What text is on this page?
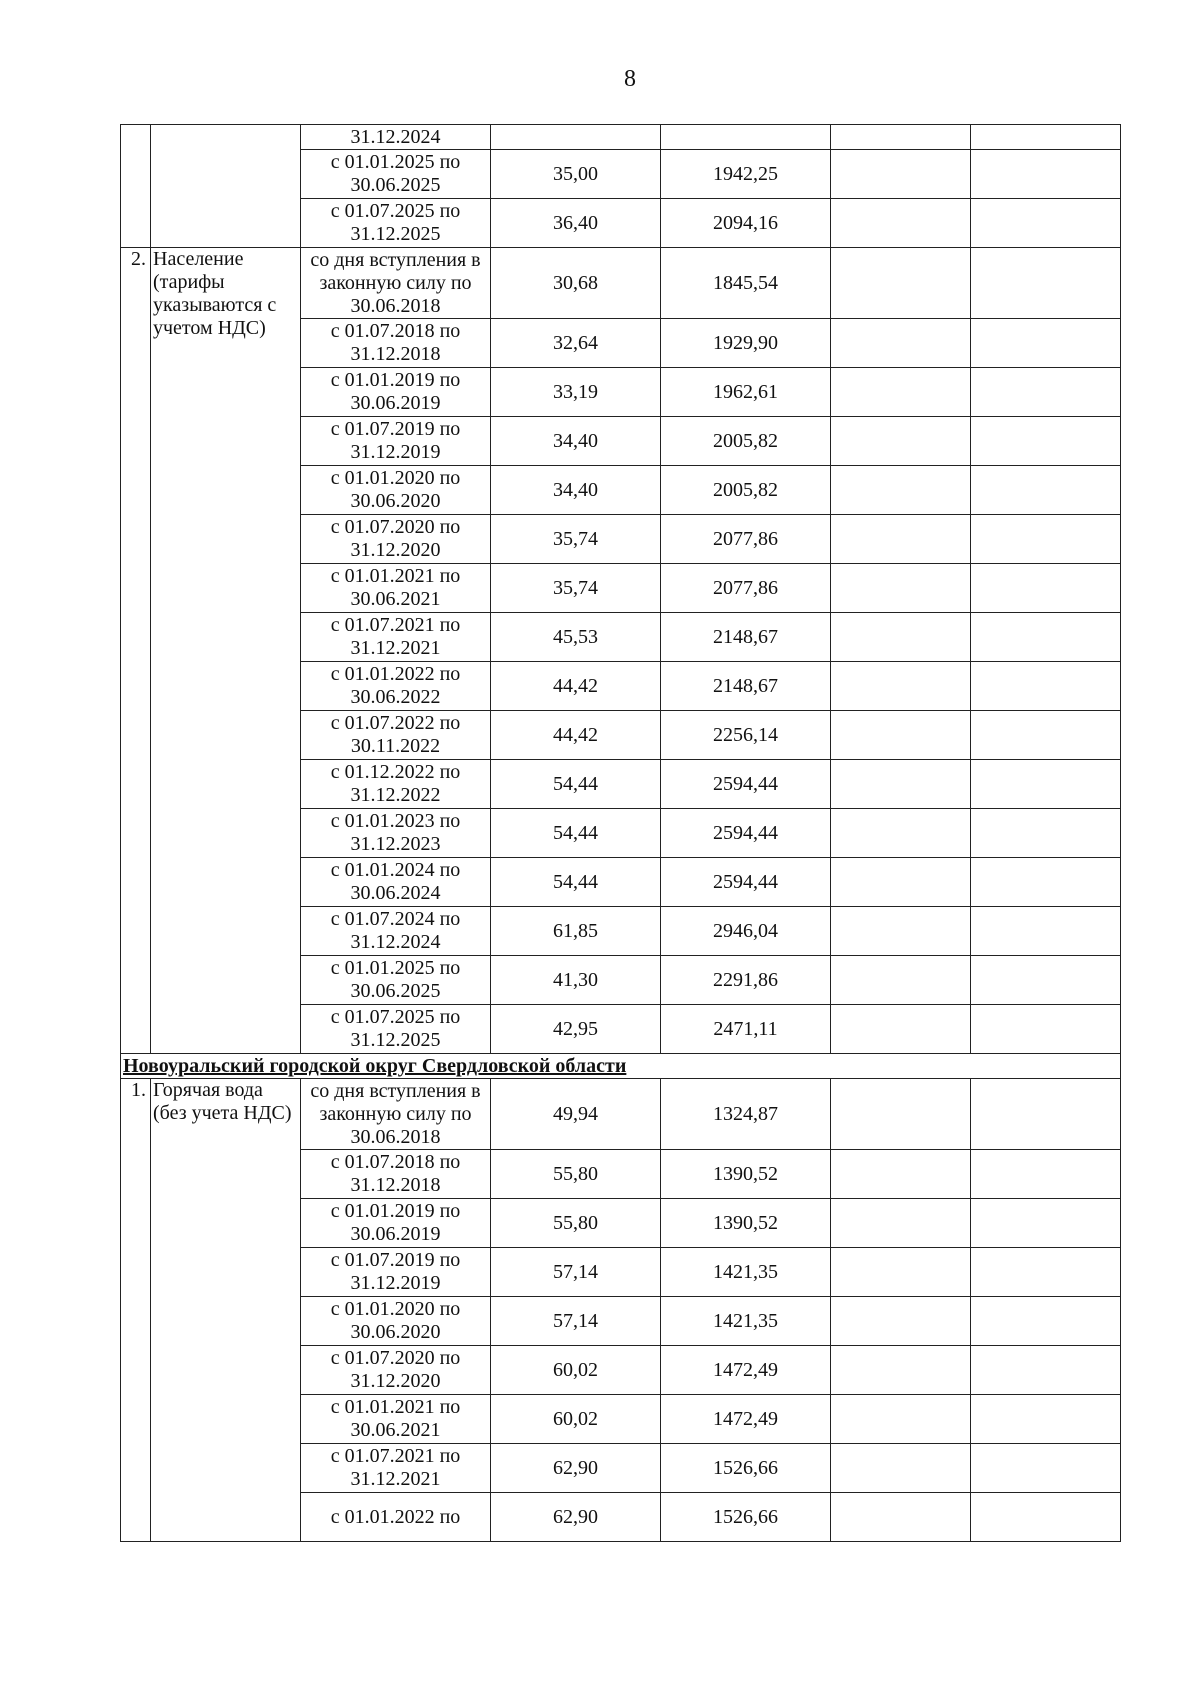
8
		31.12.2024				
		с 01.01.2025 по 30.06.2025	35,00	1942,25		
		с 01.07.2025 по 31.12.2025	36,40	2094,16		
2.	Население (тарифы указываются с учетом НДС)	со дня вступления в законную силу по 30.06.2018	30,68	1845,54		
		с 01.07.2018 по 31.12.2018	32,64	1929,90		
		с 01.01.2019 по 30.06.2019	33,19	1962,61		
		с 01.07.2019 по 31.12.2019	34,40	2005,82		
		с 01.01.2020 по 30.06.2020	34,40	2005,82		
		с 01.07.2020 по 31.12.2020	35,74	2077,86		
		с 01.01.2021 по 30.06.2021	35,74	2077,86		
		с 01.07.2021 по 31.12.2021	45,53	2148,67		
		с 01.01.2022 по 30.06.2022	44,42	2148,67		
		с 01.07.2022 по 30.11.2022	44,42	2256,14		
		с 01.12.2022 по 31.12.2022	54,44	2594,44		
		с 01.01.2023 по 31.12.2023	54,44	2594,44		
		с 01.01.2024 по 30.06.2024	54,44	2594,44		
		с 01.07.2024 по 31.12.2024	61,85	2946,04		
		с 01.01.2025 по 30.06.2025	41,30	2291,86		
		с 01.07.2025 по 31.12.2025	42,95	2471,11		
Новоуральский городской округ Свердловской области						
1.	Горячая вода (без учета НДС)	со дня вступления в законную силу по 30.06.2018	49,94	1324,87		
		с 01.07.2018 по 31.12.2018	55,80	1390,52		
		с 01.01.2019 по 30.06.2019	55,80	1390,52		
		с 01.07.2019 по 31.12.2019	57,14	1421,35		
		с 01.01.2020 по 30.06.2020	57,14	1421,35		
		с 01.07.2020 по 31.12.2020	60,02	1472,49		
		с 01.01.2021 по 30.06.2021	60,02	1472,49		
		с 01.07.2021 по 31.12.2021	62,90	1526,66		
		с 01.01.2022 по	62,90	1526,66		
